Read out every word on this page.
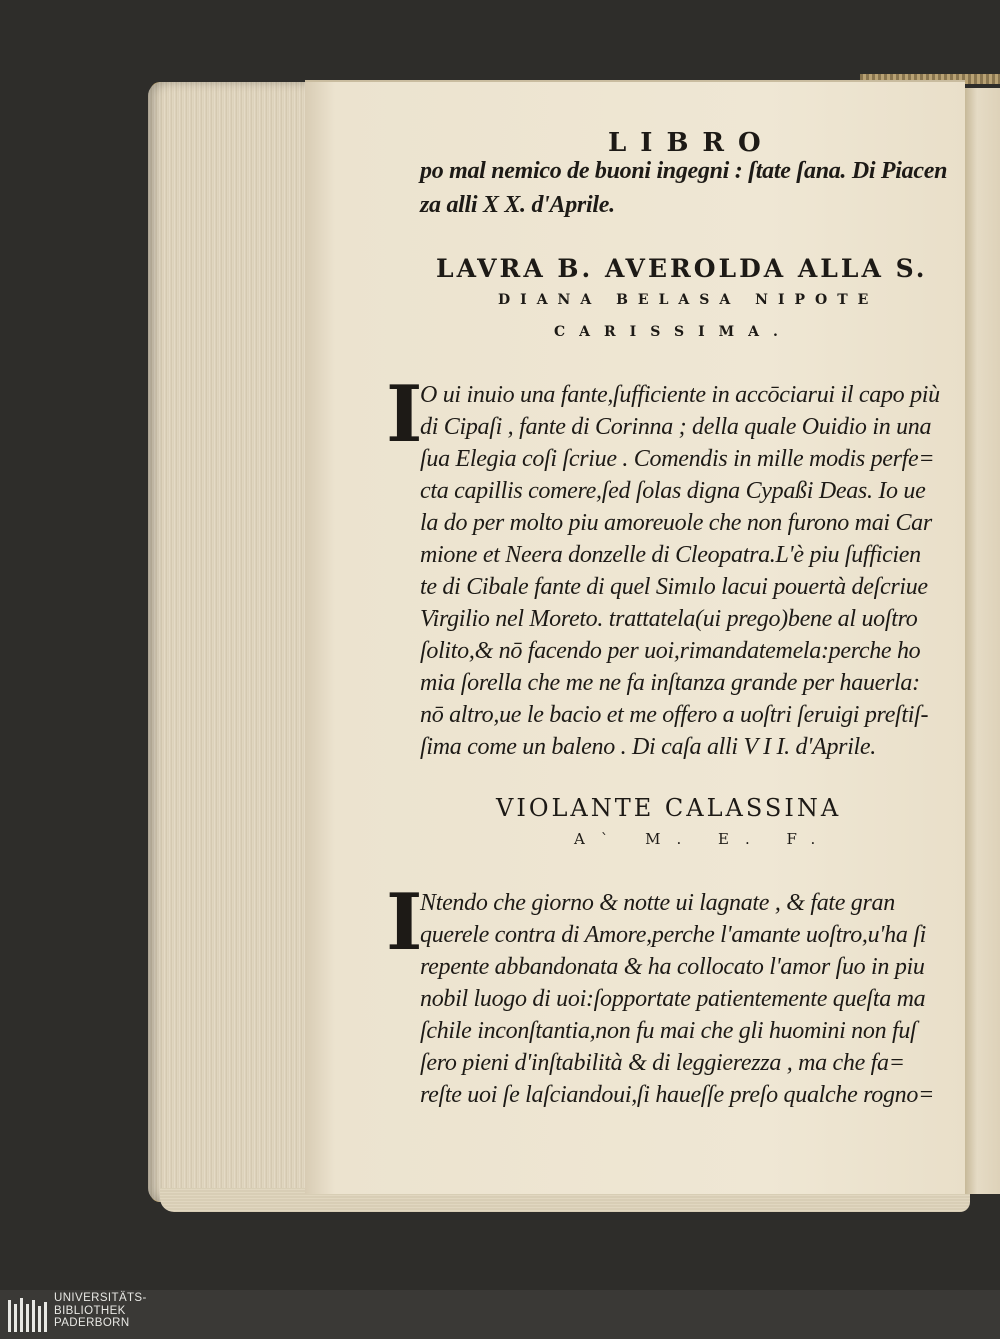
LIBRO
po mal nemico de buoni ingegni : ſtate ſana. Di Piacen
za alli X X. d'Aprile.
LAVRA B. AVEROLDA ALLA S.
DIANA BELASA NIPOTE
CARISSIMA.
I
O ui inuio una fante,ſufficiente in accōciarui il capo più
di Cipaſi , fante di Corinna ; della quale Ouidio in una
ſua Elegia coſi ſcriue . Comendis in mille modis perfe=
cta capillis comere,ſed ſolas digna Cypaßi Deas. Io ue
la do per molto piu amoreuole che non furono mai Car
mione et Neera donzelle di Cleopatra.L'è piu ſufficien
te di Cibale fante di quel Simılo lacui pouertà deſcriue
Virgilio nel Moreto. trattatela(ui prego)bene al uoſtro
ſolito,& nō facendo per uoi,rimandatemela:perche ho
mia ſorella che me ne fa inſtanza grande per hauerla:
nō altro,ue le bacio et me offero a uoſtri ſeruigi preſtiſ-
ſima come un baleno . Di caſa alli V I I. d'Aprile.
VIOLANTE CALASSINA
A` M. E. F.
I
Ntendo che giorno & notte ui lagnate , & fate gran
querele contra di Amore,perche l'amante uoſtro,u'ha ſi
repente abbandonata & ha collocato l'amor ſuo in piu
nobil luogo di uoi:ſopportate patientemente queſta ma
ſchile inconſtantia,non fu mai che gli huomini non fuſ
ſero pieni d'inſtabilità & di leggierezza , ma che fa=
reſte uoi ſe laſciandoui,ſi haueſſe preſo qualche rogno=
UNIVERSITÄTS-
BIBLIOTHEK
PADERBORN
